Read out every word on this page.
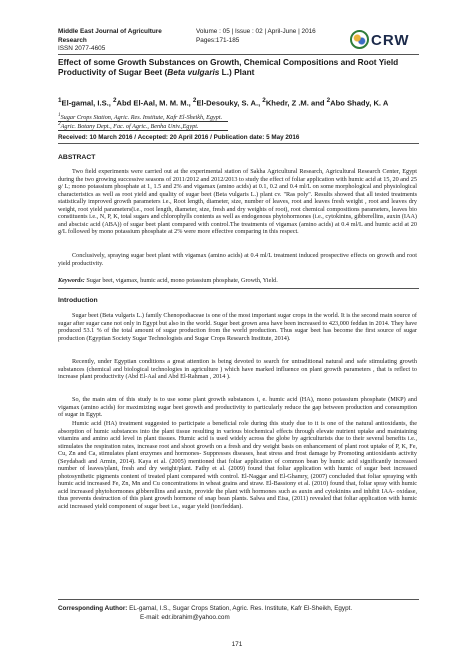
Middle East Journal of Agriculture
Research
ISSN 2077-4605
Volume : 05 | Issue : 02 | April-June | 2016
Pages:171-185	CRW
Effect of some Growth Substances on Growth, Chemical Compositions and Root Yield Productivity of Sugar Beet (Beta vulgaris L.) Plant
$^1$El-gamal, I.S., $^2$Abd El-Aal, M. M. M., $^2$El-Desouky, S. A., $^2$Khedr, Z .M. and $^2$Abo Shady, K. A
$^1$Sugar Crops Station, Agric. Res. Institute, Kafr El-Sheikh, Egypt.
$^2$Agric. Botany Dept., Fac. of Agric., Benha Univ.,Egypt.
Received: 10 March 2016 / Accepted: 20 April 2016 / Publication date: 5 May 2016
ABSTRACT
Two field experiments were carried out at the experimental station of Sakha Agricultural Research, Agricultural Research Center, Egypt during the two growing successive seasons of 2011/2012 and 2012/2013 to study the effect of foliar application with humic acid at 15, 20 and 25 g/ L; mono potassium phosphate at 1, 1.5 and 2% and vigamax (amino acids) at 0.1, 0.2 and 0.4 ml/L on some morphological and physiological characteristics as well as root yield and quality of sugar beet (Beta vulgaris L.) plant cv. "Ras poly". Results showed that all tested treatments statistically improved growth parameters i.e., Root length, diameter, size, number of leaves, root and leaves fresh weight , root and leaves dry weight, root yield parameters(i.e., root length, diameter, size, fresh and dry weights of root), root chemical compositions parameters, leaves bio constituents i.e., N, P, K, total sugars and chlorophylls contents as well as endogenous phytohormones (i.e., cytokinins, gibberellins, auxin (IAA) and abscisic acid (ABA)) of sugar beet plant compared with control.The treatments of vigamax (amino acids) at 0.4 ml/L and humic acid at 20 g/L followed by mono potassium phosphate at 2% were more effective comparing in this respect.
Conclusively, spraying sugar beet plant with vigamax (amino acids) at 0.4 ml/L treatment induced prospective effects on growth and root yield productivity.
Keywords: Sugar beet, vigamax, humic acid, mono potassium phosphate, Growth, Yield.
Introduction
Sugar beet (Beta vulgaris L.) family Chenopodiaceae is one of the most important sugar crops in the world. It is the second main source of sugar after sugar cane not only in Egypt but also in the world. Sugar beet grown area have been increased to 423,000 feddan in 2014. They have produced 53.1 % of the total amount of sugar production from the world production. Thus sugar beet has become the first source of sugar production (Egyptian Society Sugar Technologists and Sugar Crops Research Institute, 2014).
Recently, under Egyptian conditions a great attention is being devoted to search for untraditional natural and safe stimulating growth substances (chemical and biological technologies in agriculture ) which have marked influence on plant growth parameters , that is reflect to increase plant productivity (Abd El-Aal and Abd El-Rahman , 2014 ).
So, the main aim of this study is to use some plant growth substances i, e. humic acid (HA), mono potassium phosphate (MKP) and vigamax (amino acids) for maximizing sugar beet growth and productivity to particularly reduce the gap between production and consumption of sugar in Egypt.
Humic acid (HA) treatment suggested to participate a beneficial role during this study due to it is one of the natural antioxidants, the absorption of humic substances into the plant tissue resulting in various biochemical effects through elevate nutrient uptake and maintaining vitamins and amino acid level in plant tissues. Humic acid is used widely across the globe by agriculturists due to their several benefits i.e., stimulates the respiration rates, increase root and shoot growth on a fresh and dry weight basis on enhancement of plant root uptake of P, K, Fe, Cu, Zn and Ca, stimulates plant enzymes and hormones- Suppresses diseases, heat stress and frost damage by Promoting antioxidants activity (Seydabadi and Armin, 2014). Kaya et al. (2005) mentioned that foliar application of common bean by humic acid significantly increased number of leaves/plant, fresh and dry weight/plant. Fathy et al. (2009) found that foliar application with humic of sugar beet increased photosynthetic pigments content of treated plant compared with control. El-Naggar and El-Ghamry, (2007) concluded that foliar spraying with humic acid increased Fe, Zn, Mn and Cu concentrations in wheat grains and straw. El-Bassiony et al. (2010) found that, foliar spray with humic acid increased phytohormones gibberellins and auxin, provide the plant with hormones such as auxin and cytokinins and inhibit IAA- oxidase, thus prevents destruction of this plant growth hormone of snap bean plants. Salwa and Eisa, (2011) revealed that foliar application with humic acid increased yield component of sugar beet i.e., sugar yield (ton/feddan).
Corresponding Author: EL-gamal, I.S., Sugar Crops Station, Agric. Res. Institute, Kafr El-Sheikh, Egypt.
E-mail: edr.ibrahim@yahoo.com
171
